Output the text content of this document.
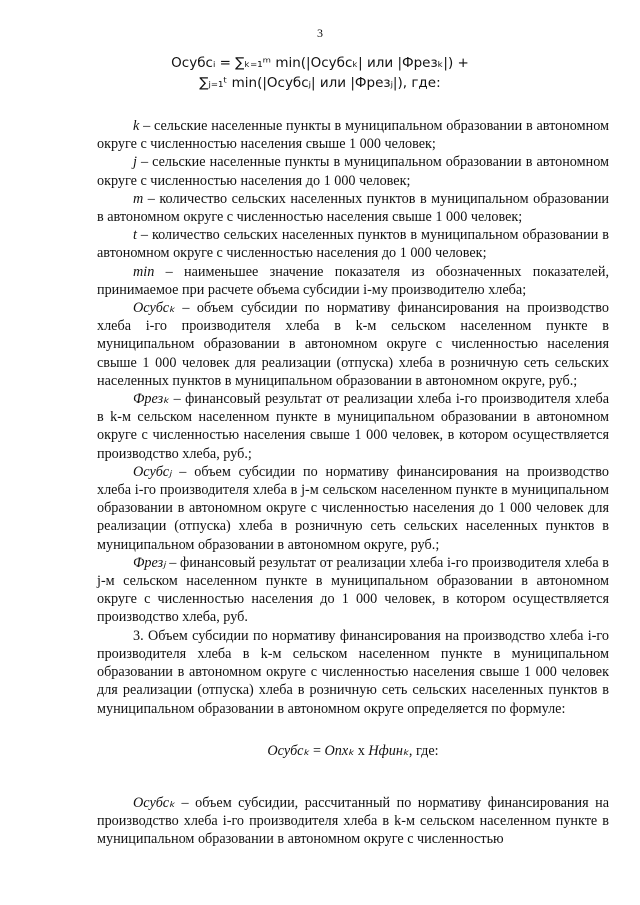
3
Осубсᵢ = ∑ₖ₌₁ᵐ min(|Осубсₖ| или |Фрезₖ|) +
∑ⱼ₌₁ᵗ min(|Осубсⱼ| или |Фрезⱼ|), где:

k – сельские населенные пункты в муниципальном образовании в автономном округе с численностью населения свыше 1 000 человек;

j – сельские населенные пункты в муниципальном образовании в автономном округе с численностью населения до 1 000 человек;

m – количество сельских населенных пунктов в муниципальном образовании в автономном округе с численностью населения свыше 1 000 человек;

t – количество сельских населенных пунктов в муниципальном образовании в автономном округе с численностью населения до 1 000 человек;

min – наименьшее значение показателя из обозначенных показателей, принимаемое при расчете объема субсидии i-му производителю хлеба;

Осубсₖ – объем субсидии по нормативу финансирования на производство хлеба i-го производителя хлеба в k-м сельском населенном пункте в муниципальном образовании в автономном округе с численностью населения свыше 1 000 человек для реализации (отпуска) хлеба в розничную сеть сельских населенных пунктов в муниципальном образовании в автономном округе, руб.;

Фрезₖ – финансовый результат от реализации хлеба i-го производителя хлеба в k-м сельском населенном пункте в муниципальном образовании в автономном округе с численностью населения свыше 1 000 человек, в котором осуществляется производство хлеба, руб.;

Осубсⱼ – объем субсидии по нормативу финансирования на производство хлеба i-го производителя хлеба в j-м сельском населенном пункте в муниципальном образовании в автономном округе с численностью населения до 1 000 человек для реализации (отпуска) хлеба в розничную сеть сельских населенных пунктов в муниципальном образовании в автономном округе, руб.;

Фрезⱼ – финансовый результат от реализации хлеба i-го производителя хлеба в j-м сельском населенном пункте в муниципальном образовании в автономном округе с численностью населения до 1 000 человек, в котором осуществляется производство хлеба, руб.

3. Объем субсидии по нормативу финансирования на производство хлеба i-го производителя хлеба в k-м сельском населенном пункте в муниципальном образовании в автономном округе с численностью населения свыше 1 000 человек для реализации (отпуска) хлеба в розничную сеть сельских населенных пунктов в муниципальном образовании в автономном округе определяется по формуле:

Осубсₖ = Опхₖ x Нфинₖ, где:

Осубсₖ – объем субсидии, рассчитанный по нормативу финансирования на производство хлеба i-го производителя хлеба в k-м сельском населенном пункте в муниципальном образовании в автономном округе с численностью
